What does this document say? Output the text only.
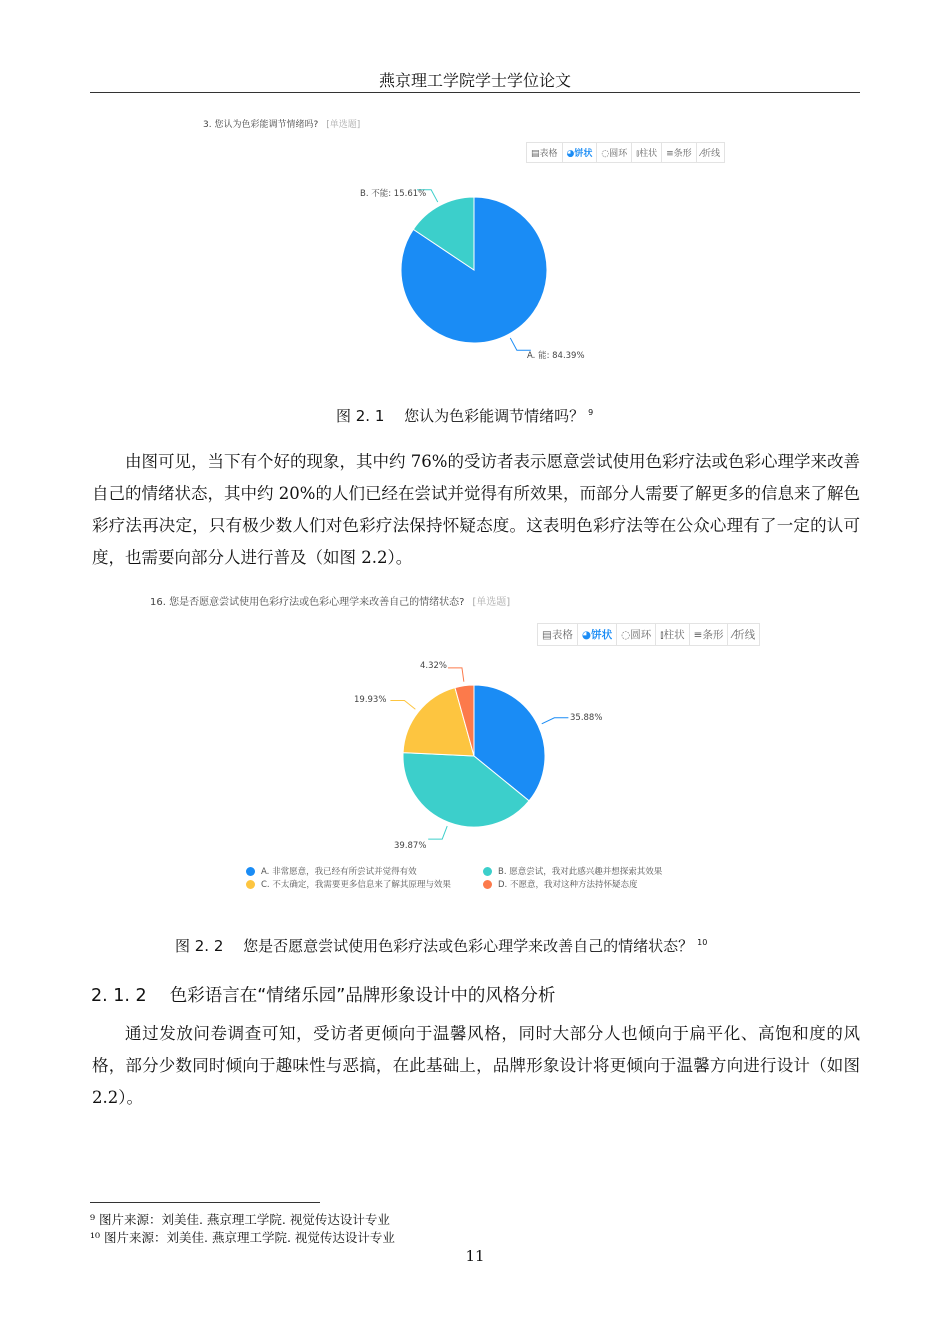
燕京理工学院学士学位论文
3. 您认为色彩能调节情绪吗? [单选题]
▤表格	◕饼状	◌圆环	⫾柱状	≡条形	⁄折线
B. 不能: 15.61%
A. 能: 84.39%
图 2. 1　 您认为色彩能调节情绪吗？ $^9$
由图可见，当下有个好的现象，其中约 76%的受访者表示愿意尝试使用色彩疗法或色彩心理学来改善自己的情绪状态，其中约 20%的人们已经在尝试并觉得有所效果，而部分人需要了解更多的信息来了解色彩疗法再决定，只有极少数人们对色彩疗法保持怀疑态度。这表明色彩疗法等在公众心理有了一定的认可度，也需要向部分人进行普及（如图 2.2）。
16. 您是否愿意尝试使用色彩疗法或色彩心理学来改善自己的情绪状态? [单选题]
▤表格 ◕饼状 ◌圆环 ⫾柱状 ≡条形 ⁄折线
35.88%
39.87%
19.93%
4.32%
A. 非常愿意，我已经有所尝试并觉得有效	B. 愿意尝试，我对此感兴趣并想探索其效果
C. 不太确定，我需要更多信息来了解其原理与效果	D. 不愿意，我对这种方法持怀疑态度
图 2. 2　 您是否愿意尝试使用色彩疗法或色彩心理学来改善自己的情绪状态？ $^{10}$
2. 1. 2　 色彩语言在“情绪乐园”品牌形象设计中的风格分析
通过发放问卷调查可知，受访者更倾向于温馨风格，同时大部分人也倾向于扁平化、高饱和度的风格，部分少数同时倾向于趣味性与恶搞，在此基础上，品牌形象设计将更倾向于温馨方向进行设计（如图 2.2）。
⁹ 图片来源：刘美佳. 燕京理工学院. 视觉传达设计专业
¹⁰ 图片来源：刘美佳. 燕京理工学院. 视觉传达设计专业
11
